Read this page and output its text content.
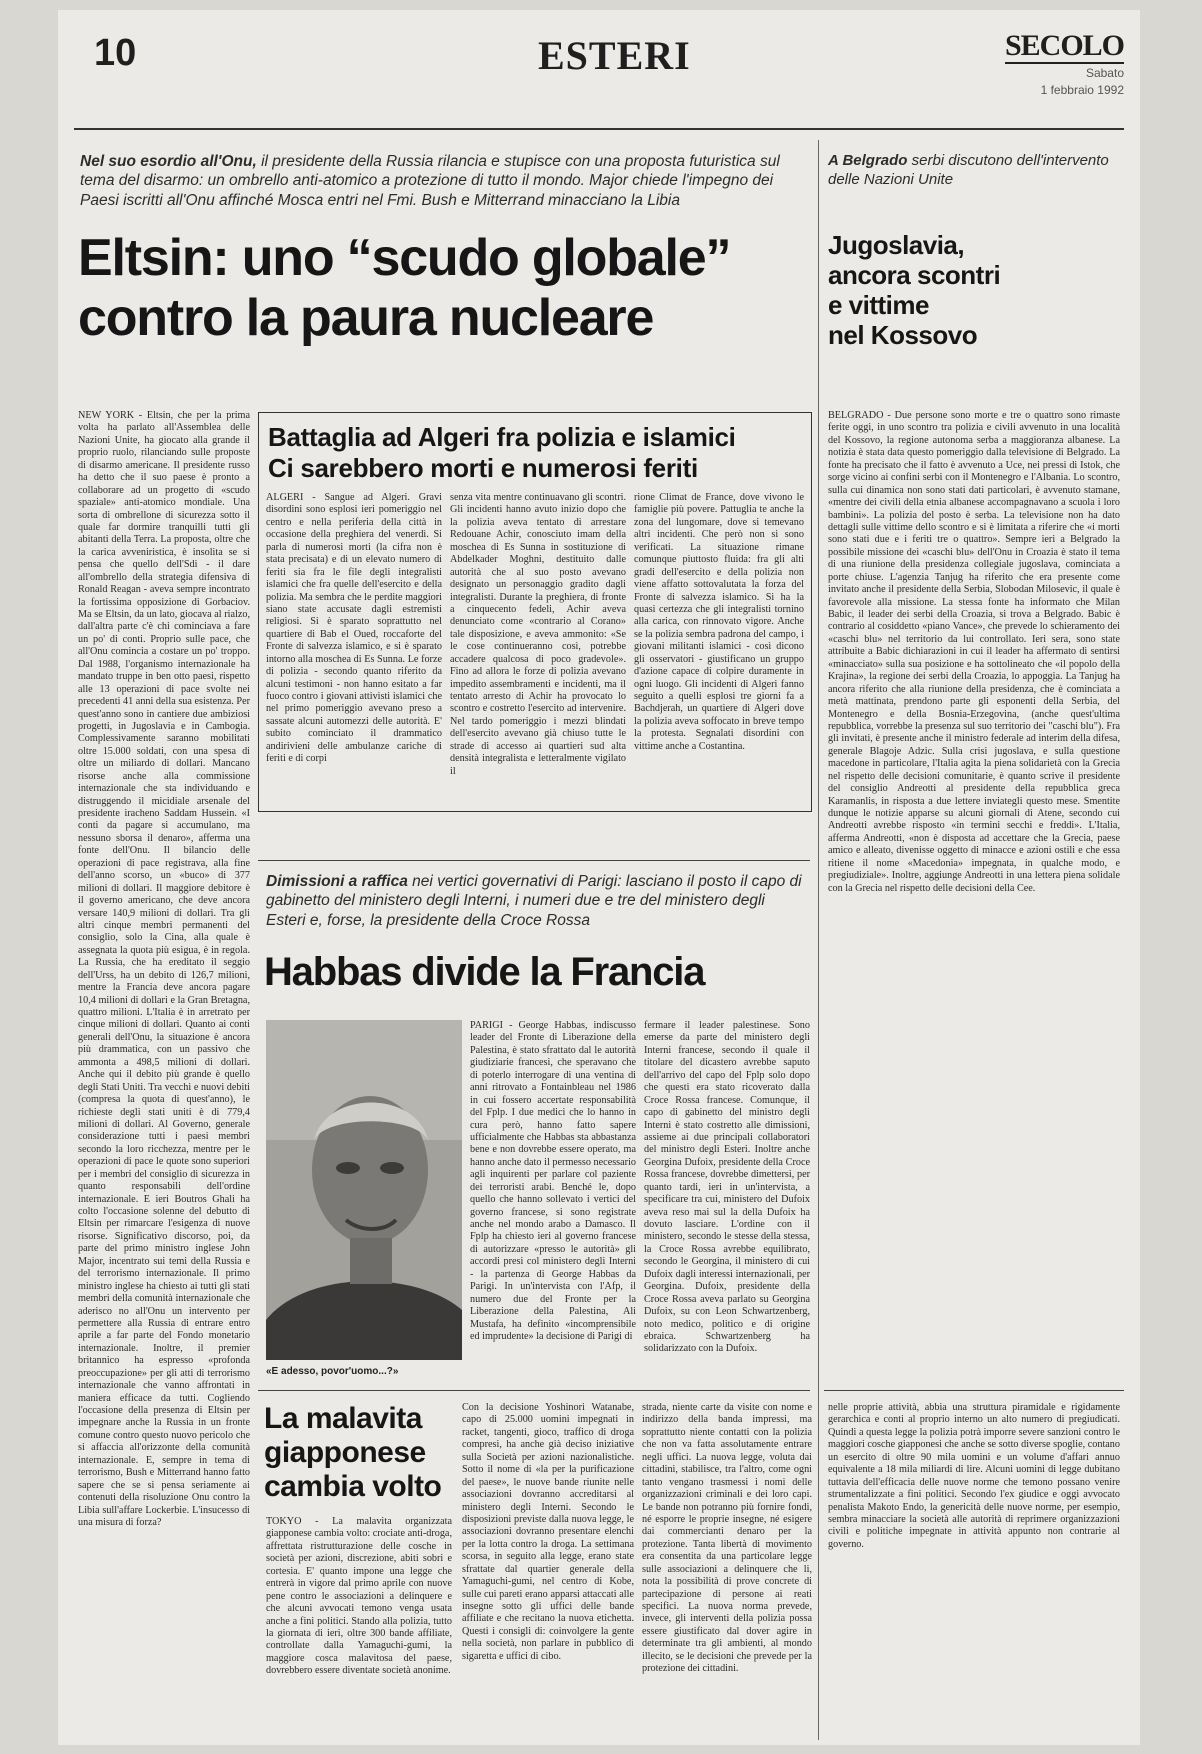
10	ESTERI	SECOLO
Sabato
1 febbraio 1992
Nel suo esordio all'Onu, il presidente della Russia rilancia e stupisce con una proposta futuristica sul tema del disarmo: un ombrello anti-atomico a protezione di tutto il mondo. Major chiede l'impegno dei Paesi iscritti all'Onu affinché Mosca entri nel Fmi. Bush e Mitterrand minacciano la Libia
Eltsin: uno “scudo globale”
contro la paura nucleare
NEW YORK - Eltsin, che per la prima volta ha parlato all'Assemblea delle Nazioni Unite, ha giocato alla grande il proprio ruolo, rilanciando sulle proposte di disarmo americane. Il presidente russo ha detto che il suo paese è pronto a collaborare ad un progetto di «scudo spaziale» anti-atomico mondiale. Una sorta di ombrellone di sicurezza sotto il quale far dormire tranquilli tutti gli abitanti della Terra. La proposta, oltre che la carica avveniristica, è insolita se si pensa che quello dell'Sdi - il dare all'ombrello della strategia difensiva di Ronald Reagan - aveva sempre incontrato la fortissima opposizione di Gorbaciov. Ma se Eltsin, da un lato, giocava al rialzo, dall'altra parte c'è chi cominciava a fare un po' di conti. Proprio sulle pace, che all'Onu comincia a costare un po' troppo. Dal 1988, l'organismo internazionale ha mandato truppe in ben otto paesi, rispetto alle 13 operazioni di pace svolte nei precedenti 41 anni della sua esistenza. Per quest'anno sono in cantiere due ambiziosi progetti, in Jugoslavia e in Cambogia. Complessivamente saranno mobilitati oltre 15.000 soldati, con una spesa di oltre un miliardo di dollari. Mancano risorse anche alla commissione internazionale che sta individuando e distruggendo il micidiale arsenale del presidente iracheno Saddam Hussein. «I conti da pagare si accumulano, ma nessuno sborsa il denaro», afferma una fonte dell'Onu. Il bilancio delle operazioni di pace registrava, alla fine dell'anno scorso, un «buco» di 377 milioni di dollari. Il maggiore debitore è il governo americano, che deve ancora versare 140,9 milioni di dollari. Tra gli altri cinque membri permanenti del consiglio, solo la Cina, alla quale è assegnata la quota più esigua, è in regola. La Russia, che ha ereditato il seggio dell'Urss, ha un debito di 126,7 milioni, mentre la Francia deve ancora pagare 10,4 milioni di dollari e la Gran Bretagna, quattro milioni. L'Italia è in arretrato per cinque milioni di dollari. Quanto ai conti generali dell'Onu, la situazione è ancora più drammatica, con un passivo che ammonta a 498,5 milioni di dollari. Anche qui il debito più grande è quello degli Stati Uniti. Tra vecchi e nuovi debiti (compresa la quota di quest'anno), le richieste degli stati uniti è di 779,4 milioni di dollari. Al Governo, generale considerazione tutti i paesi membri secondo la loro ricchezza, mentre per le operazioni di pace le quote sono superiori per i membri del consiglio di sicurezza in quanto responsabili dell'ordine internazionale. E ieri Boutros Ghali ha colto l'occasione solenne del debutto di Eltsin per rimarcare l'esigenza di nuove risorse. Significativo discorso, poi, da parte del primo ministro inglese John Major, incentrato sui temi della Russia e del terrorismo internazionale. Il primo ministro inglese ha chiesto ai tutti gli stati membri della comunità internazionale che aderisco no all'Onu un intervento per permettere alla Russia di entrare entro aprile a far parte del Fondo monetario internazionale. Inoltre, il premier britannico ha espresso «profonda preoccupazione» per gli atti di terrorismo internazionale che vanno affrontati in maniera efficace da tutti. Cogliendo l'occasione della presenza di Eltsin per impegnare anche la Russia in un fronte comune contro questo nuovo pericolo che si affaccia all'orizzonte della comunità internazionale. E, sempre in tema di terrorismo, Bush e Mitterrand hanno fatto sapere che se si pensa seriamente ai contenuti della risoluzione Onu contro la Libia sull'affare Lockerbie. L'insucesso di una misura di forza?
Battaglia ad Algeri fra polizia e islamici
Ci sarebbero morti e numerosi feriti
ALGERI - Sangue ad Algeri. Gravi disordini sono esplosi ieri pomeriggio nel centro e nella periferia della città in occasione della preghiera del venerdì. Si parla di numerosi morti (la cifra non è stata precisata) e di un elevato numero di feriti sia fra le file degli integralisti islamici che fra quelle dell'esercito e della polizia. Ma sembra che le perdite maggiori siano state accusate dagli estremisti religiosi. Si è sparato soprattutto nel quartiere di Bab el Oued, roccaforte del Fronte di salvezza islamico, e si è sparato intorno alla moschea di Es Sunna. Le forze di polizia - secondo quanto riferito da alcuni testimoni - non hanno esitato a far fuoco contro i giovani attivisti islamici che nel primo pomeriggio avevano preso a sassate alcuni automezzi delle autorità. E' subito cominciato il drammatico andirivieni delle ambulanze cariche di feriti e di corpi
senza vita mentre continuavano gli scontri. Gli incidenti hanno avuto inizio dopo che la polizia aveva tentato di arrestare Redouane Achir, conosciuto imam della moschea di Es Sunna in sostituzione di Abdelkader Moghni, destituito dalle autorità che al suo posto avevano designato un personaggio gradito dagli integralisti. Durante la preghiera, di fronte a cinquecento fedeli, Achir aveva denunciato come «contrario al Corano» tale disposizione, e aveva ammonito: «Se le cose continueranno così, potrebbe accadere qualcosa di poco gradevole». Fino ad allora le forze di polizia avevano impedito assembramenti e incidenti, ma il tentato arresto di Achir ha provocato lo scontro e costretto l'esercito ad intervenire. Nel tardo pomeriggio i mezzi blindati dell'esercito avevano già chiuso tutte le strade di accesso ai quartieri sud alta densità integralista e letteralmente vigilato il
rione Climat de France, dove vivono le famiglie più povere. Pattuglia te anche la zona del lungomare, dove si temevano altri incidenti. Che però non si sono verificati. La situazione rimane comunque piuttosto fluida: fra gli alti gradi dell'esercito e della polizia non viene affatto sottovalutata la forza del Fronte di salvezza islamico. Si ha la quasi certezza che gli integralisti tornino alla carica, con rinnovato vigore. Anche se la polizia sembra padrona del campo, i giovani militanti islamici - così dicono gli osservatori - giustificano un gruppo d'azione capace di colpire duramente in ogni luogo. Gli incidenti di Algeri fanno seguito a quelli esplosi tre giorni fa a Bachdjerah, un quartiere di Algeri dove la polizia aveva soffocato in breve tempo la protesta. Segnalati disordini con vittime anche a Costantina.
Dimissioni a raffica nei vertici governativi di Parigi: lasciano il posto il capo di gabinetto del ministero degli Interni, i numeri due e tre del ministero degli Esteri e, forse, la presidente della Croce Rossa
Habbas divide la Francia
«E adesso, povor'uomo...?»
PARIGI - George Habbas, indiscusso leader del Fronte di Liberazione della Palestina, è stato sfrattato dal le autorità giudiziarie francesi, che speravano che di poterlo interrogare di una ventina di anni ritrovato a Fontainbleau nel 1986 in cui fossero accertate responsabilità del Fplp. I due medici che lo hanno in cura però, hanno fatto sapere ufficialmente che Habbas sta abbastanza bene e non dovrebbe essere operato, ma hanno anche dato il permesso necessario agli inquirenti per parlare col paziente dei terroristi arabi. Benché le, dopo quello che hanno sollevato i vertici del governo francese, si sono registrate anche nel mondo arabo a Damasco. Il Fplp ha chiesto ieri al governo francese di autorizzare «presso le autorità» gli accordi presi col ministero degli Interni - la partenza di George Habbas da Parigi. In un'intervista con l'Afp, il numero due del Fronte per la Liberazione della Palestina, Ali Mustafa, ha definito «incomprensibile ed imprudente» la decisione di Parigi di
fermare il leader palestinese. Sono emerse da parte del ministero degli Interni francese, secondo il quale il titolare del dicastero avrebbe saputo dell'arrivo del capo del Fplp solo dopo che questi era stato ricoverato dalla Croce Rossa francese. Comunque, il capo di gabinetto del ministro degli Interni è stato costretto alle dimissioni, assieme ai due principali collaboratori del ministro degli Esteri. Inoltre anche Georgina Dufoix, presidente della Croce Rossa francese, dovrebbe dimettersi, per quanto tardi, ieri in un'intervista, a specificare tra cui, ministero del Dufoix aveva reso mai sul la della Dufoix ha dovuto lasciare. L'ordine con il ministero, secondo le stesse della stessa, la Croce Rossa avrebbe equilibrato, secondo le Georgina, il ministero di cui Dufoix dagli interessi internazionali, per Georgina. Dufoix, presidente della Croce Rossa aveva parlato su Georgina Dufoix, su con Leon Schwartzenberg, noto medico, politico e di origine ebraica. Schwartzenberg ha solidarizzato con la Dufoix.
La malavita
giapponese
cambia volto
TOKYO - La malavita organizzata giapponese cambia volto: crociate anti-droga, affrettata ristrutturazione delle cosche in società per azioni, discrezione, abiti sobri e cortesia. E' quanto impone una legge che entrerà in vigore dal primo aprile con nuove pene contro le associazioni a delinquere e che alcuni avvocati temono venga usata anche a fini politici. Stando alla polizia, tutto la giornata di ieri, oltre 300 bande affiliate, controllate dalla Yamaguchi-gumi, la maggiore cosca malavitosa del paese, dovrebbero essere diventate società anonime.
Con la decisione Yoshinori Watanabe, capo di 25.000 uomini impegnati in racket, tangenti, gioco, traffico di droga compresi, ha anche già deciso iniziative sulla Società per azioni nazionalistiche. Sotto il nome di «la per la purificazione del paese», le nuove bande riunite nelle associazioni dovranno accreditarsi al ministero degli Interni. Secondo le disposizioni previste dalla nuova legge, le associazioni dovranno presentare elenchi per la lotta contro la droga. La settimana scorsa, in seguito alla legge, erano state sfrattate dal quartier generale della Yamaguchi-gumi, nel centro di Kobe, sulle cui pareti erano apparsi attaccati alle insegne sotto gli uffici delle bande affiliate e che recitano la nuova etichetta. Questi i consigli di: coinvolgere la gente nella società, non parlare in pubblico di sigaretta e uffici di cibo.
strada, niente carte da visite con nome e indirizzo della banda impressi, ma soprattutto niente contatti con la polizia che non va fatta assolutamente entrare negli uffici. La nuova legge, voluta dai cittadini, stabilisce, tra l'altro, come ogni tanto vengano trasmessi i nomi delle organizzazioni criminali e dei loro capi. Le bande non potranno più fornire fondi, né esporre le proprie insegne, né esigere dai commercianti denaro per la protezione. Tanta libertà di movimento era consentita da una particolare legge sulle associazioni a delinquere che li, nota la possibilità di prove concrete di partecipazione di persone ai reati specifici. La nuova norma prevede, invece, gli interventi della polizia possa essere giustificato dal dover agire in determinate tra gli ambienti, al mondo illecito, se le decisioni che prevede per la protezione dei cittadini.
nelle proprie attività, abbia una struttura piramidale e rigidamente gerarchica e conti al proprio interno un alto numero di pregiudicati. Quindi a questa legge la polizia potrà imporre severe sanzioni contro le maggiori cosche giapponesi che anche se sotto diverse spoglie, contano un esercito di oltre 90 mila uomini e un volume d'affari annuo equivalente a 18 mila miliardi di lire. Alcuni uomini di legge dubitano tuttavia dell'efficacia delle nuove norme che temono possano venire strumentalizzate a fini politici. Secondo l'ex giudice e oggi avvocato penalista Makoto Endo, la genericità delle nuove norme, per esempio, sembra minacciare la società alle autorità di reprimere organizzazioni civili e politiche impegnate in attività appunto non contrarie al governo.
A Belgrado serbi discutono dell'intervento delle Nazioni Unite
Jugoslavia,
ancora scontri
e vittime
nel Kossovo
BELGRADO - Due persone sono morte e tre o quattro sono rimaste ferite oggi, in uno scontro tra polizia e civili avvenuto in una località del Kossovo, la regione autonoma serba a maggioranza albanese. La notizia è stata data questo pomeriggio dalla televisione di Belgrado. La fonte ha precisato che il fatto è avvenuto a Uce, nei pressi di Istok, che sorge vicino ai confini serbi con il Montenegro e l'Albania. Lo scontro, sulla cui dinamica non sono stati dati particolari, è avvenuto stamane, «mentre dei civili della etnia albanese accompagnavano a scuola i loro bambini». La polizia del posto è serba. La televisione non ha dato dettagli sulle vittime dello scontro e si è limitata a riferire che «i morti sono stati due e i feriti tre o quattro». Sempre ieri a Belgrado la possibile missione dei «caschi blu» dell'Onu in Croazia è stato il tema di una riunione della presidenza collegiale jugoslava, cominciata a porte chiuse. L'agenzia Tanjug ha riferito che era presente come invitato anche il presidente della Serbia, Slobodan Milosevic, il quale è favorevole alla missione. La stessa fonte ha informato che Milan Babic, il leader dei serbi della Croazia, si trova a Belgrado. Babic è contrario al cosiddetto «piano Vance», che prevede lo schieramento dei «caschi blu» nel territorio da lui controllato. Ieri sera, sono state attribuite a Babic dichiarazioni in cui il leader ha affermato di sentirsi «minacciato» sulla sua posizione e ha sottolineato che «il popolo della Krajina», la regione dei serbi della Croazia, lo appoggia. La Tanjug ha ancora riferito che alla riunione della presidenza, che è cominciata a metà mattinata, prendono parte gli esponenti della Serbia, del Montenegro e della Bosnia-Erzegovina, (anche quest'ultima repubblica, vorrebbe la presenza sul suo territorio dei "caschi blu"). Fra gli invitati, è presente anche il ministro federale ad interim della difesa, generale Blagoje Adzic. Sulla crisi jugoslava, e sulla questione macedone in particolare, l'Italia agita la piena solidarietà con la Grecia nel rispetto delle decisioni comunitarie, è quanto scrive il presidente del consiglio Andreotti al presidente della repubblica greca Karamanlis, in risposta a due lettere inviategli questo mese. Smentite dunque le notizie apparse su alcuni giornali di Atene, secondo cui Andreotti avrebbe risposto «in termini secchi e freddi». L'Italia, afferma Andreotti, «non è disposta ad accettare che la Grecia, paese amico e alleato, divenisse oggetto di minacce e azioni ostili e che essa ritiene il nome «Macedonia» impegnata, in qualche modo, e pregiudiziale». Inoltre, aggiunge Andreotti in una lettera piena solidale con la Grecia nel rispetto delle decisioni della Cee.
